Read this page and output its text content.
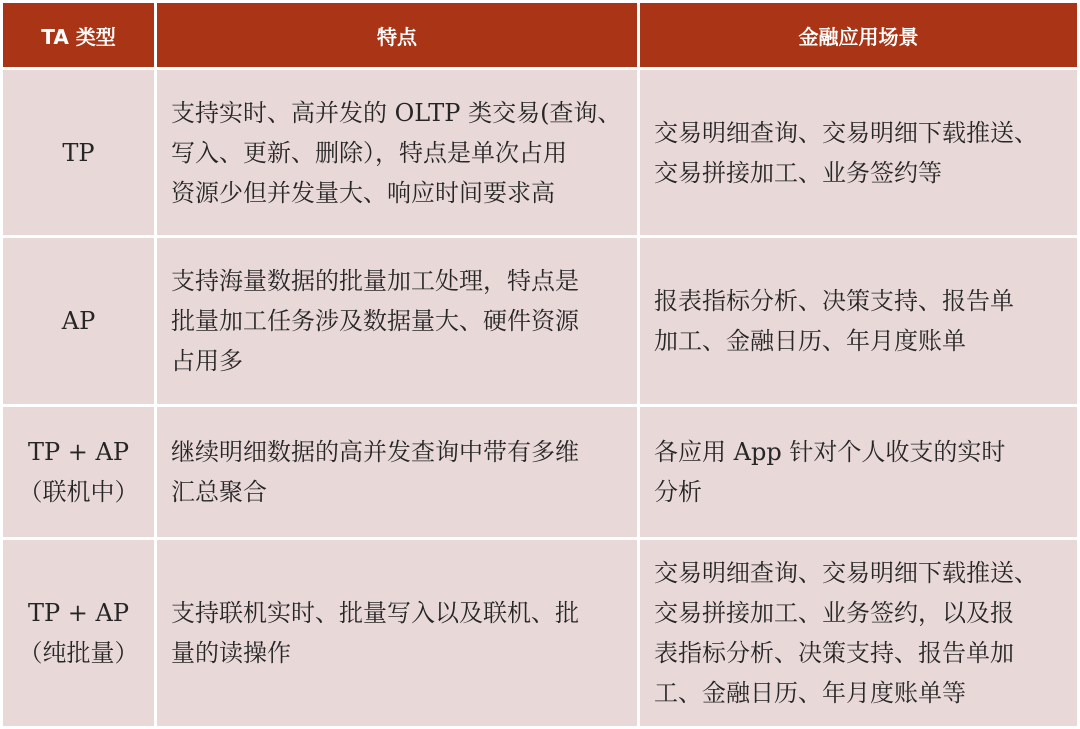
TA 类型	特点	金融应用场景

TP	支持实时、高并发的 OLTP 类交易(查询、
写入、更新、删除），特点是单次占用
资源少但并发量大、响应时间要求高	交易明细查询、交易明细下载推送、
交易拼接加工、业务签约等

AP	支持海量数据的批量加工处理，特点是
批量加工任务涉及数据量大、硬件资源
占用多	报表指标分析、决策支持、报告单
加工、金融日历、年月度账单

TP + AP
（联机中）	继续明细数据的高并发查询中带有多维
汇总聚合	各应用 App 针对个人收支的实时
分析

TP + AP
（纯批量）	支持联机实时、批量写入以及联机、批
量的读操作	交易明细查询、交易明细下载推送、
交易拼接加工、业务签约，以及报
表指标分析、决策支持、报告单加
工、金融日历、年月度账单等
